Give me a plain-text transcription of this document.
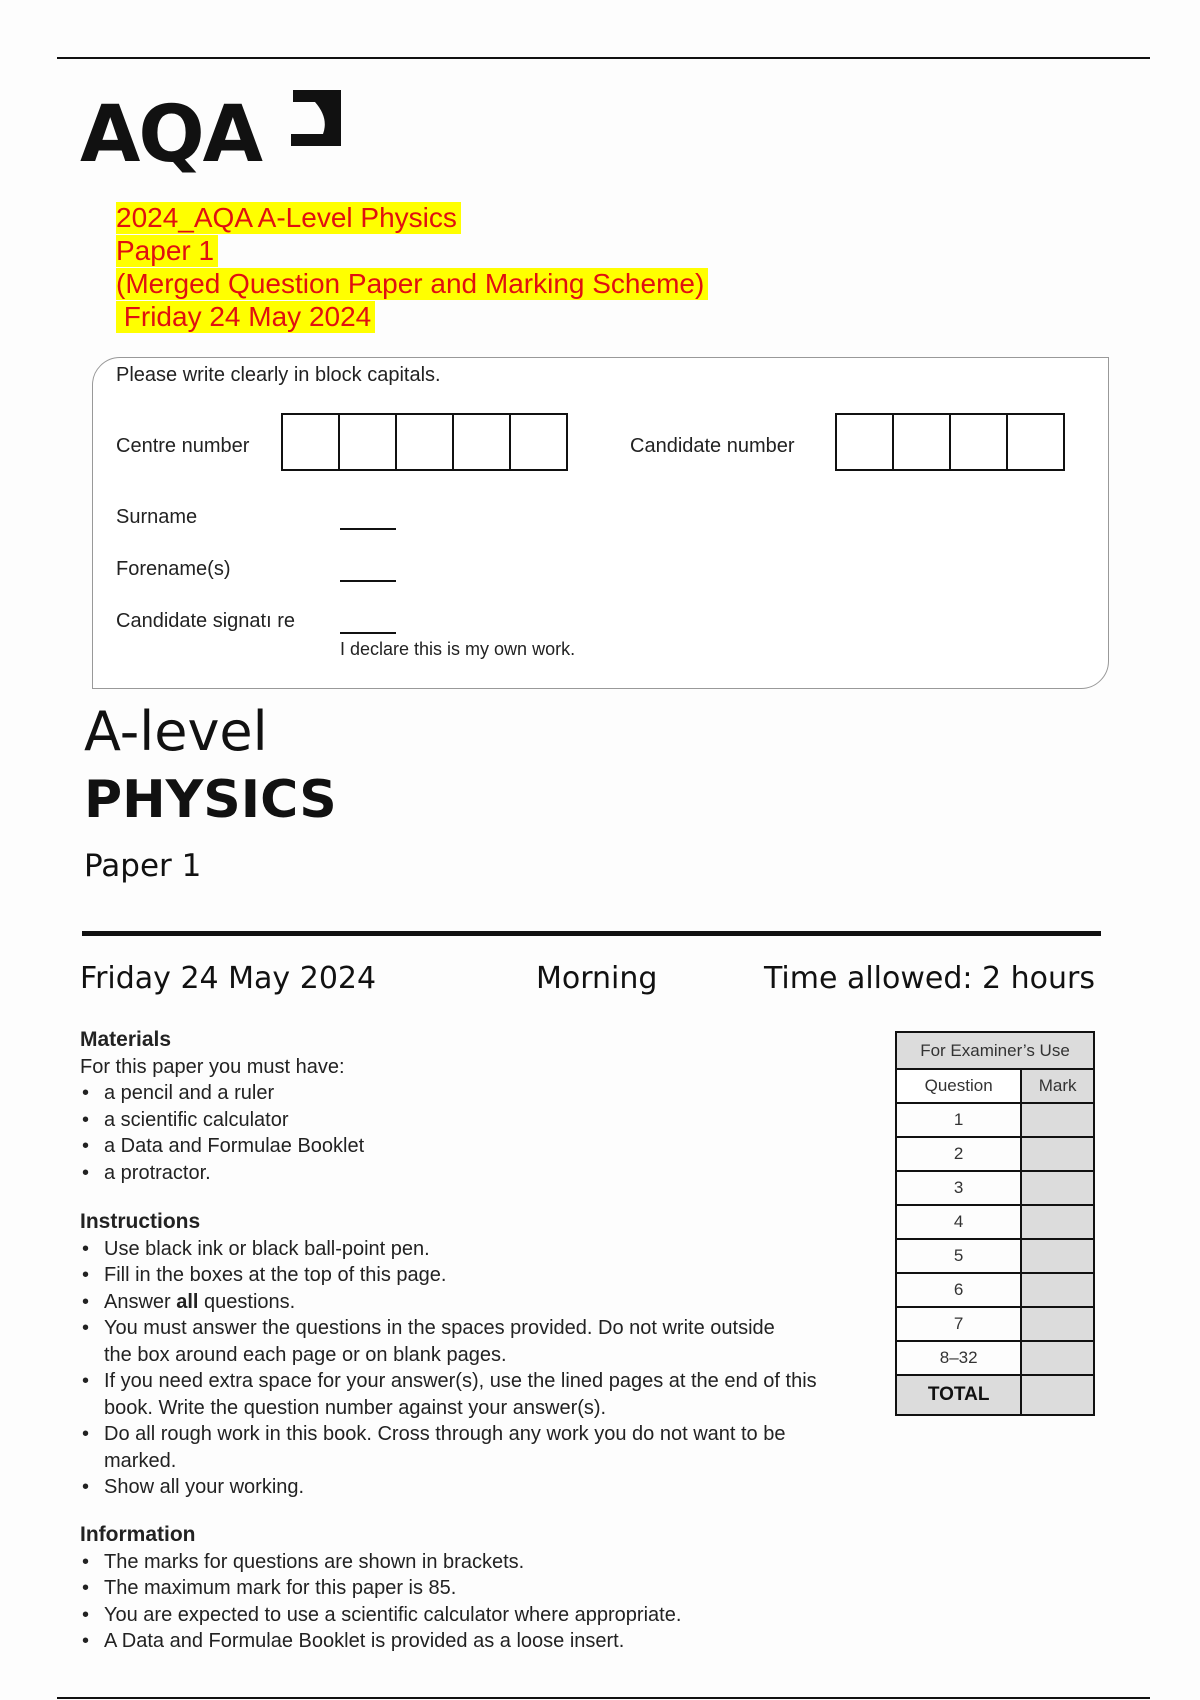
AQA
2024_AQA A-Level Physics
Paper 1
(Merged Question Paper and Marking Scheme)
Friday 24 May 2024
Please write clearly in block capitals.
Centre number	Candidate number
Surname
Forename(s)
Candidate signatı re
I declare this is my own work.
A-level
PHYSICS
Paper 1
Friday 24 May 2024	Morning	Time allowed: 2 hours
Materials
For this paper you must have:
• a pencil and a ruler
• a scientific calculator
• a Data and Formulae Booklet
• a protractor.
Instructions
• Use black ink or black ball-point pen.
• Fill in the boxes at the top of this page.
• Answer all questions.
• You must answer the questions in the spaces provided. Do not write outside the box around each page or on blank pages.
• If you need extra space for your answer(s), use the lined pages at the end of this book. Write the question number against your answer(s).
• Do all rough work in this book. Cross through any work you do not want to be marked.
• Show all your working.
Information
• The marks for questions are shown in brackets.
• The maximum mark for this paper is 85.
• You are expected to use a scientific calculator where appropriate.
• A Data and Formulae Booklet is provided as a loose insert.
For Examiner’s Use	
Question	Mark
1	
2	
3	
4	
5	
6	
7	
8–32	
TOTAL	
